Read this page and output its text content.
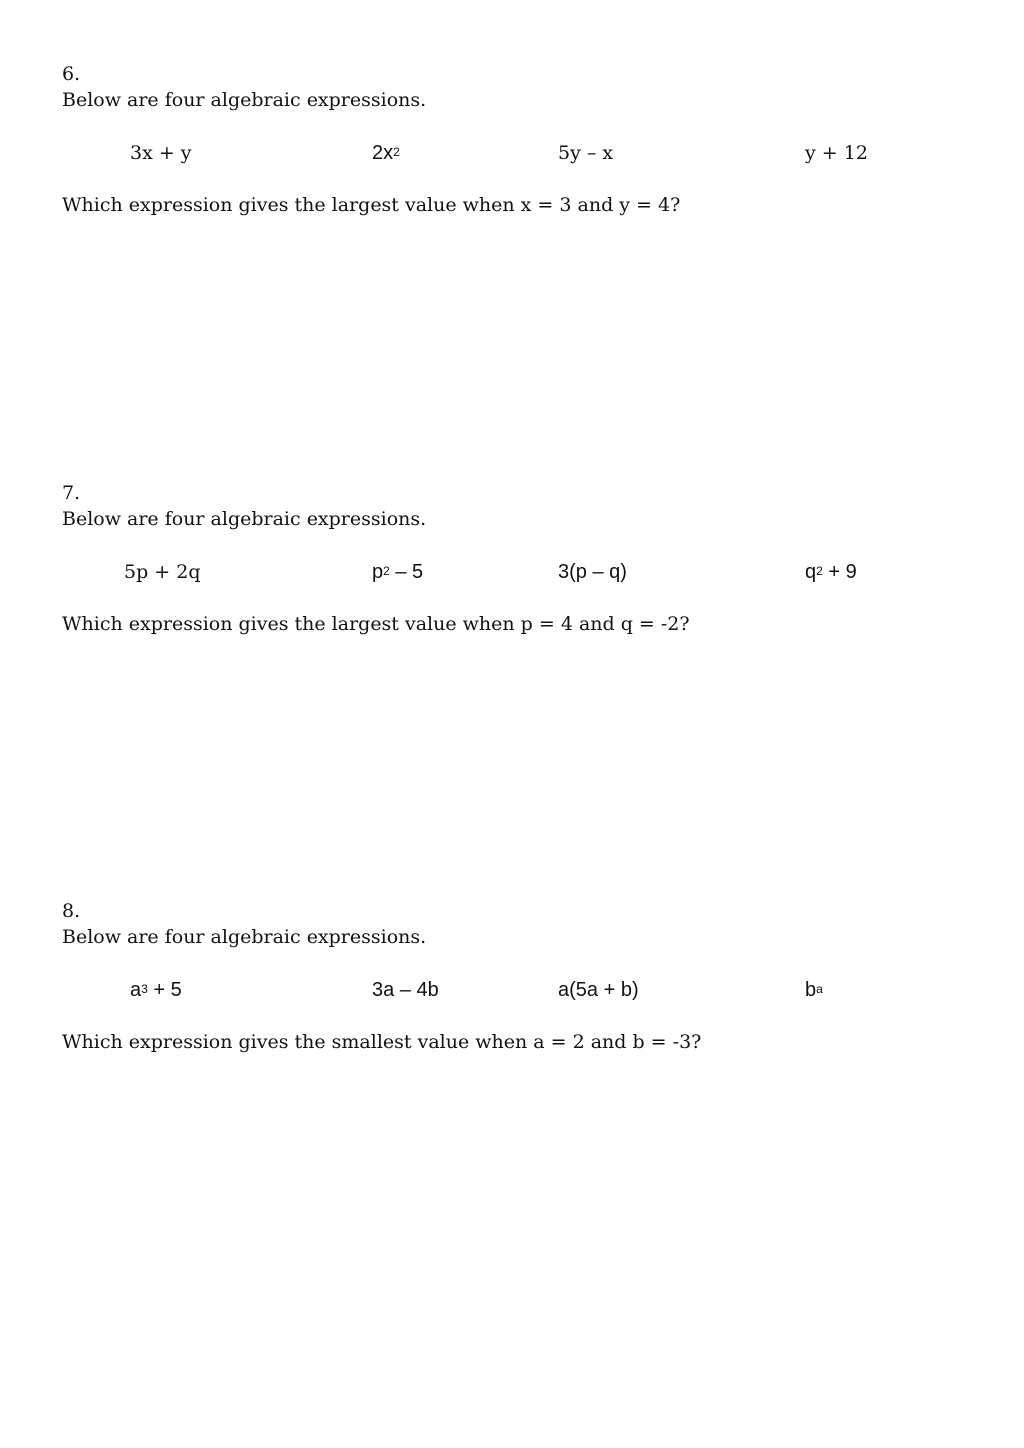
6.
Below are four algebraic expressions.
3x + y	$2x^2$	5y – x	y + 12
Which expression gives the largest value when x = 3 and y = 4?
7.
Below are four algebraic expressions.
5p + 2q	$p^2 - 5$	3(p – q)	$q^2 + 9$
Which expression gives the largest value when p = 4 and q = -2?
8.
Below are four algebraic expressions.
$a^3 + 5$	3a – 4b	a(5a + b)	$b^a$
Which expression gives the smallest value when a = 2 and b = -3?
